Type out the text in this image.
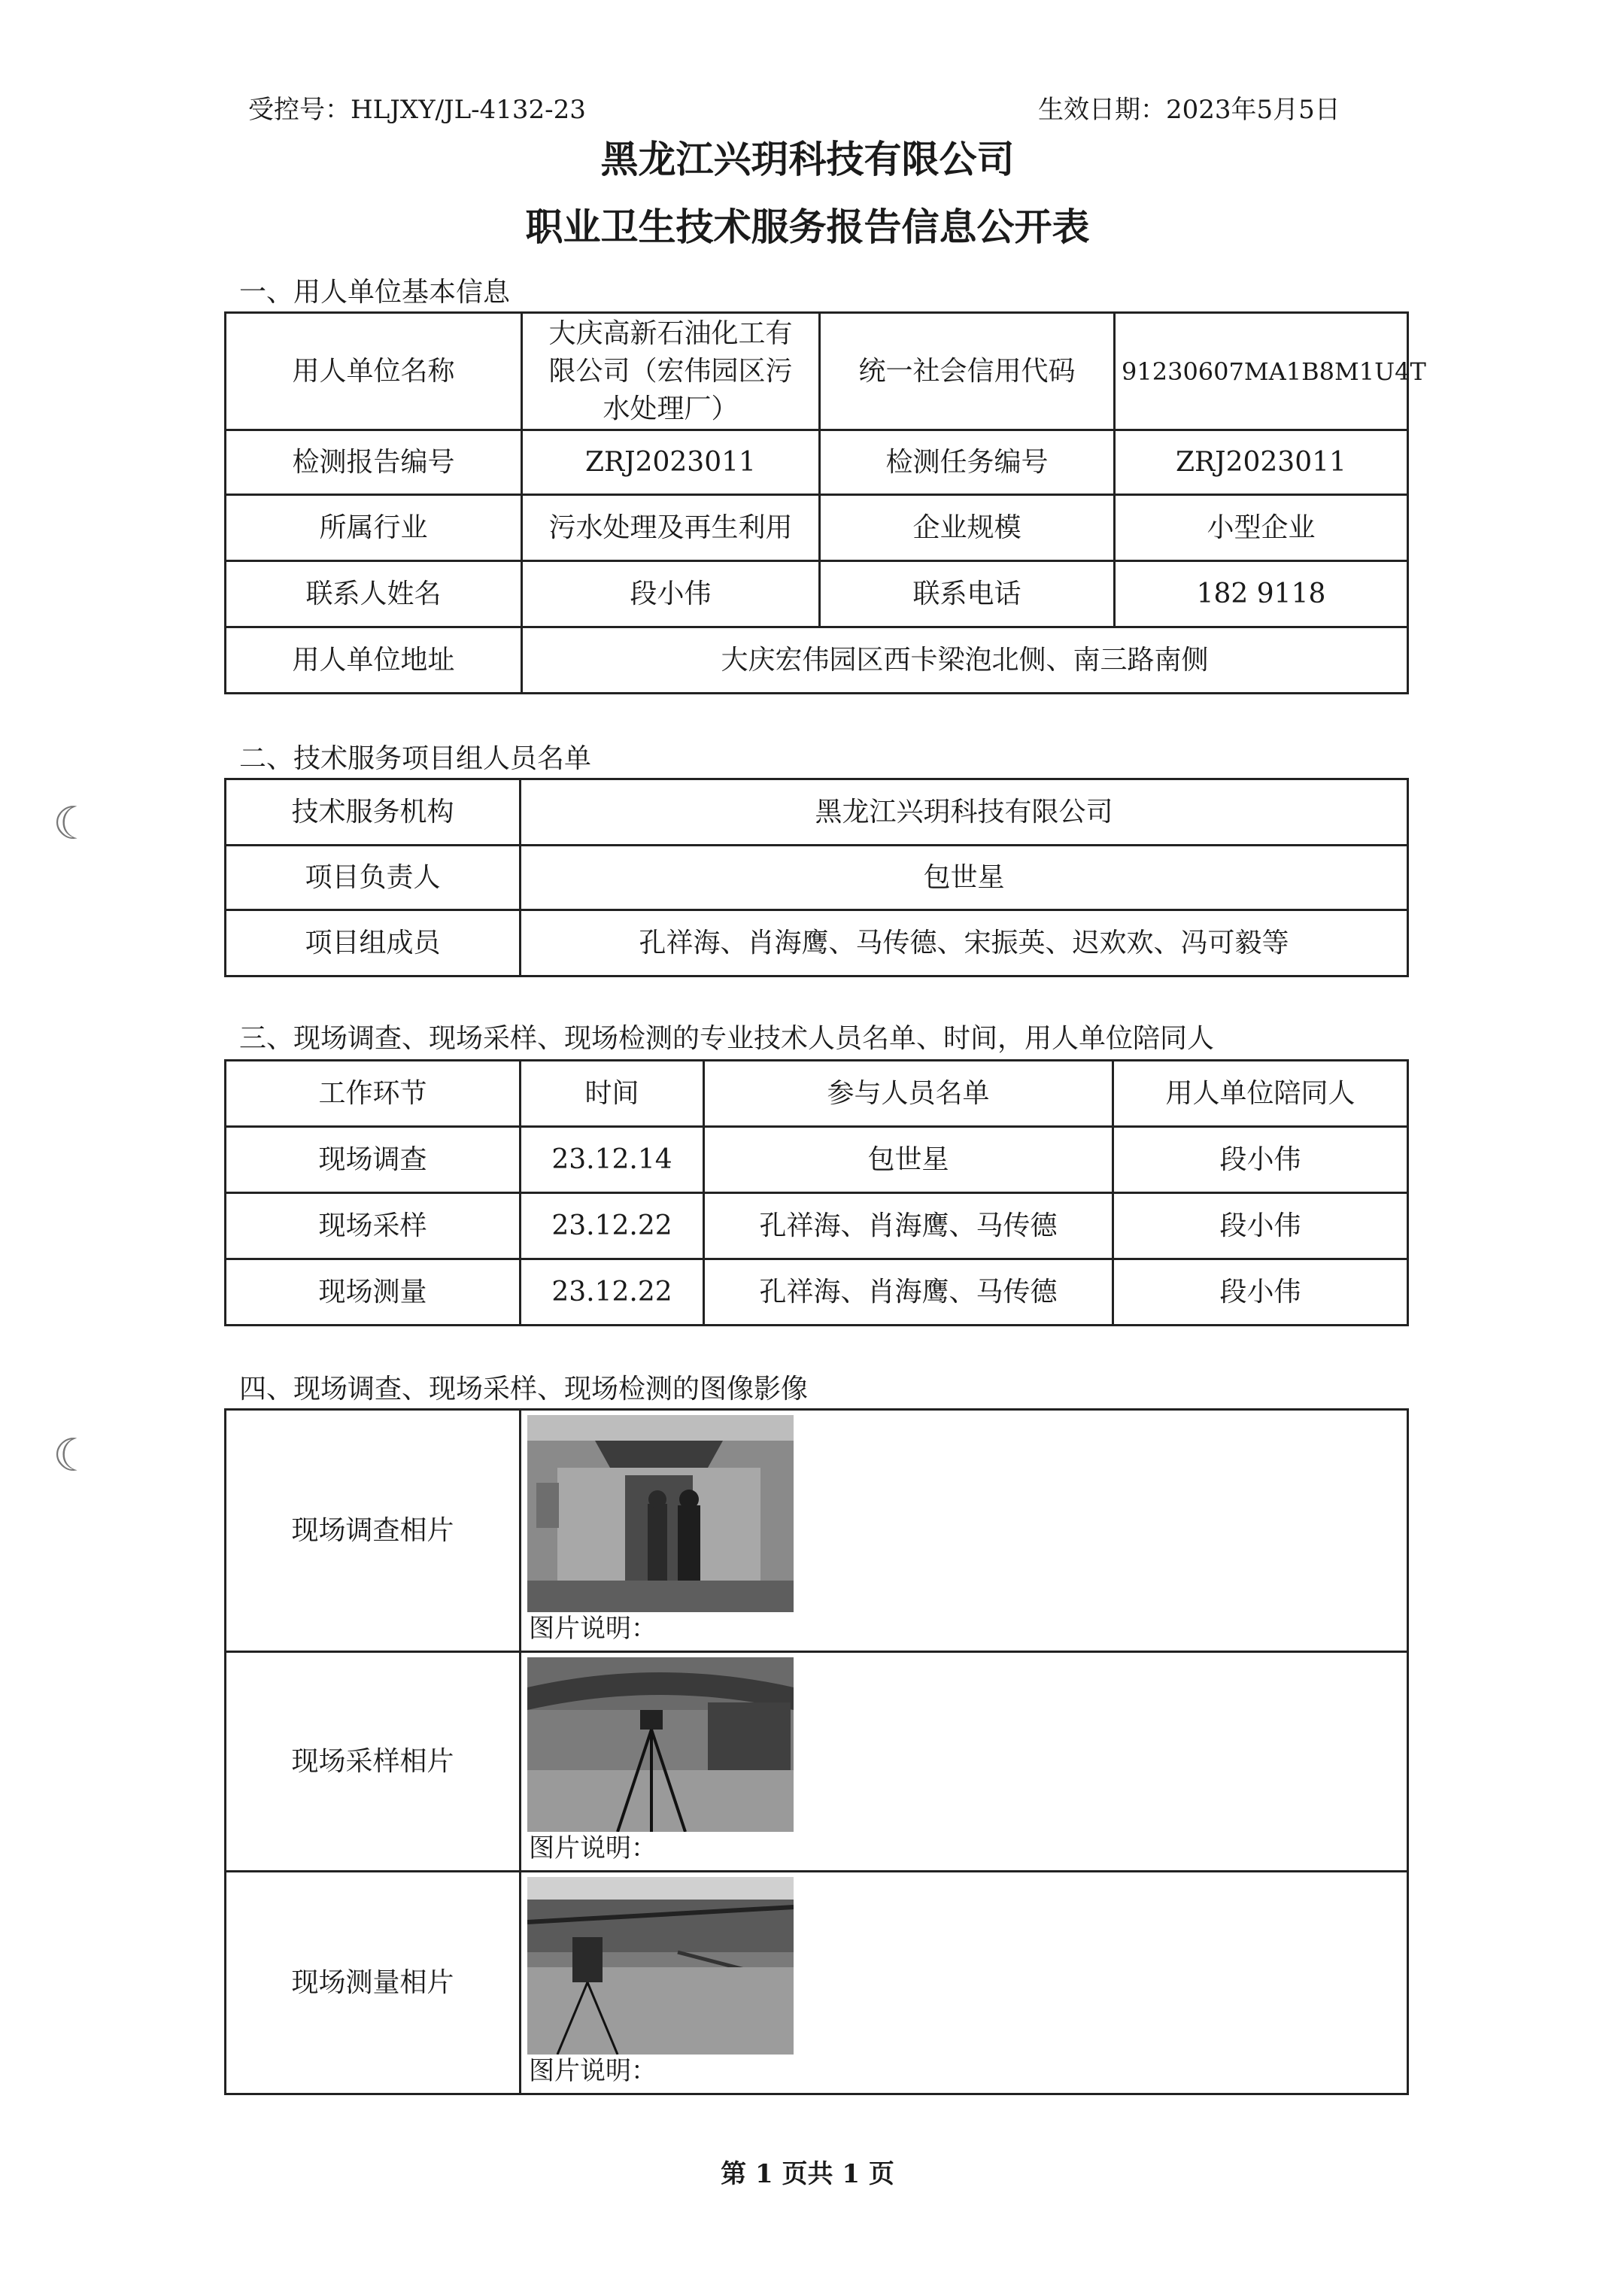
☾
☾
受控号：HLJXY/JL-4132-23	生效日期：2023年5月5日
黑龙江兴玥科技有限公司
职业卫生技术服务报告信息公开表
一、用人单位基本信息
用人单位名称	大庆高新石油化工有限公司（宏伟园区污水处理厂）	统一社会信用代码	91230607MA1B8M1U4T
检测报告编号	ZRJ2023011	检测任务编号	ZRJ2023011
所属行业	污水处理及再生利用	企业规模	小型企业
联系人姓名	段小伟	联系电话	182 9118
用人单位地址	大庆宏伟园区西卡梁泡北侧、南三路南侧		
二、技术服务项目组人员名单
技术服务机构	黑龙江兴玥科技有限公司
项目负责人	包世星
项目组成员	孔祥海、肖海鹰、马传德、宋振英、迟欢欢、冯可毅等
三、现场调查、现场采样、现场检测的专业技术人员名单、时间，用人单位陪同人
工作环节	时间	参与人员名单	用人单位陪同人
现场调查	23.12.14	包世星	段小伟
现场采样	23.12.22	孔祥海、肖海鹰、马传德	段小伟
现场测量	23.12.22	孔祥海、肖海鹰、马传德	段小伟
四、现场调查、现场采样、现场检测的图像影像
现场调查相片	图片说明：

现场采样相片	图片说明：

现场测量相片	图片说明：
第 1 页共 1 页
